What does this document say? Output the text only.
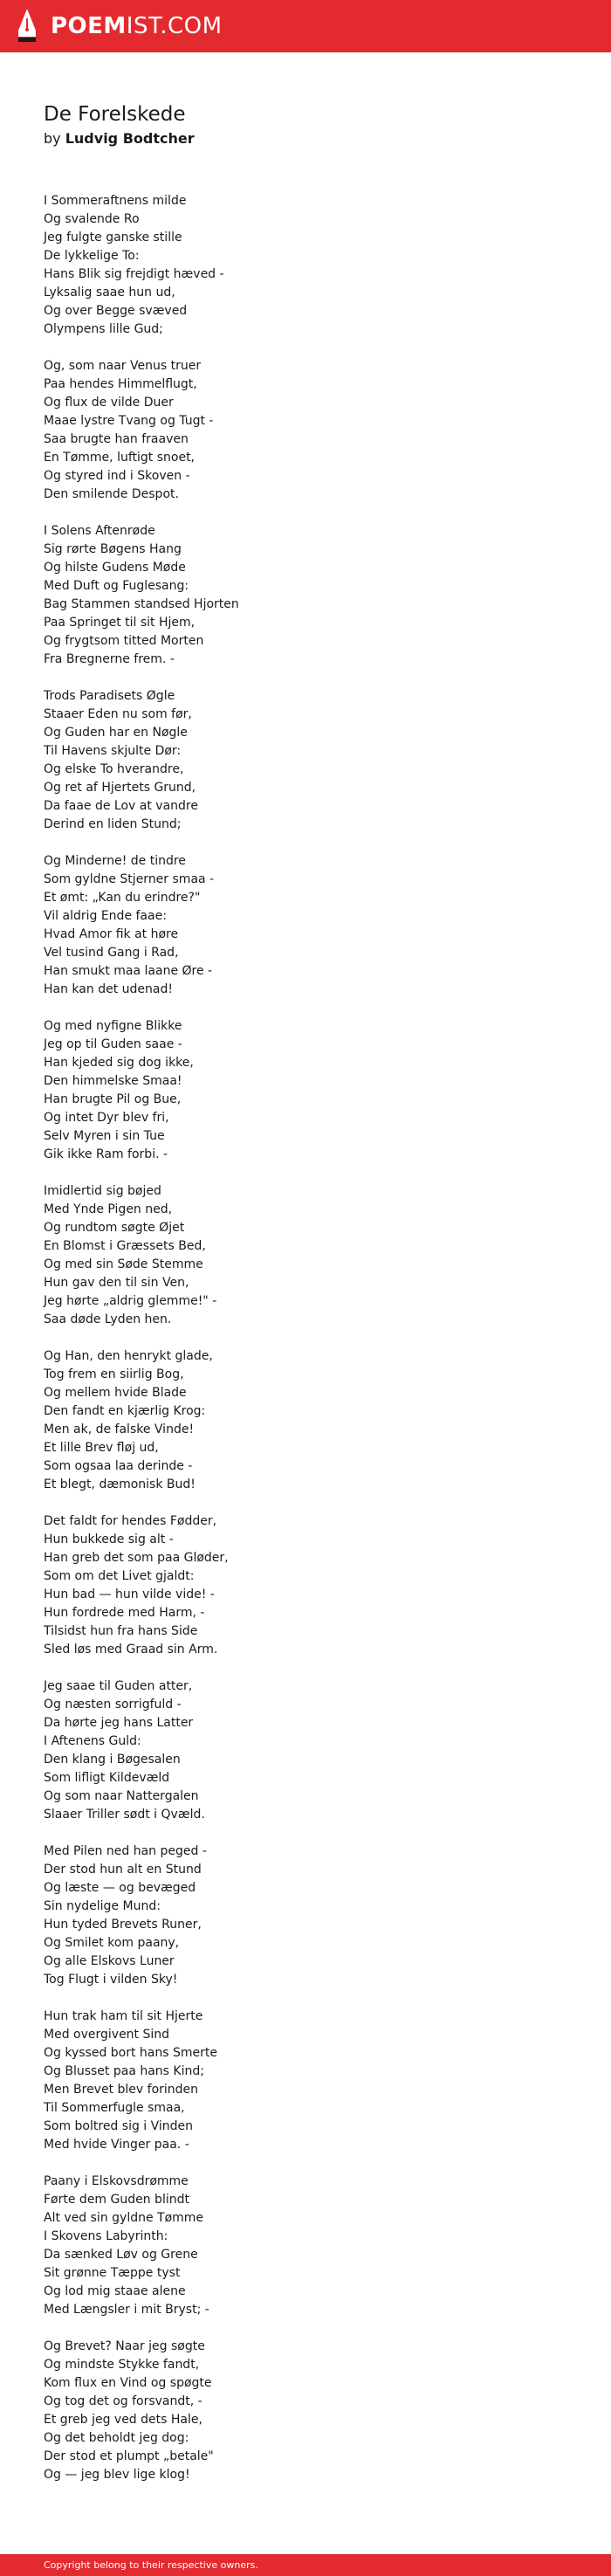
POEMIST.COM
De Forelskede
by Ludvig Bodtcher
I Sommeraftnens milde
Og svalende Ro
Jeg fulgte ganske stille
De lykkelige To:
Hans Blik sig frejdigt hæved -
Lyksalig saae hun ud,
Og over Begge svæved
Olympens lille Gud;
Og, som naar Venus truer
Paa hendes Himmelflugt,
Og flux de vilde Duer
Maae lystre Tvang og Tugt -
Saa brugte han fraaven
En Tømme, luftigt snoet,
Og styred ind i Skoven -
Den smilende Despot.
I Solens Aftenrøde
Sig rørte Bøgens Hang
Og hilste Gudens Møde
Med Duft og Fuglesang:
Bag Stammen standsed Hjorten
Paa Springet til sit Hjem,
Og frygtsom titted Morten
Fra Bregnerne frem. -
Trods Paradisets Øgle
Staaer Eden nu som før,
Og Guden har en Nøgle
Til Havens skjulte Dør:
Og elske To hverandre,
Og ret af Hjertets Grund,
Da faae de Lov at vandre
Derind en liden Stund;
Og Minderne! de tindre
Som gyldne Stjerner smaa -
Et ømt: „Kan du erindre?"
Vil aldrig Ende faae:
Hvad Amor fik at høre
Vel tusind Gang i Rad,
Han smukt maa laane Øre -
Han kan det udenad!
Og med nyfigne Blikke
Jeg op til Guden saae -
Han kjeded sig dog ikke,
Den himmelske Smaa!
Han brugte Pil og Bue,
Og intet Dyr blev fri,
Selv Myren i sin Tue
Gik ikke Ram forbi. -
Imidlertid sig bøjed
Med Ynde Pigen ned,
Og rundtom søgte Øjet
En Blomst i Græssets Bed,
Og med sin Søde Stemme
Hun gav den til sin Ven,
Jeg hørte „aldrig glemme!" -
Saa døde Lyden hen.
Og Han, den henrykt glade,
Tog frem en siirlig Bog,
Og mellem hvide Blade
Den fandt en kjærlig Krog:
Men ak, de falske Vinde!
Et lille Brev fløj ud,
Som ogsaa laa derinde -
Et blegt, dæmonisk Bud!
Det faldt for hendes Fødder,
Hun bukkede sig alt -
Han greb det som paa Gløder,
Som om det Livet gjaldt:
Hun bad — hun vilde vide! -
Hun fordrede med Harm, -
Tilsidst hun fra hans Side
Sled løs med Graad sin Arm.
Jeg saae til Guden atter,
Og næsten sorrigfuld -
Da hørte jeg hans Latter
I Aftenens Guld:
Den klang i Bøgesalen
Som lifligt Kildevæld
Og som naar Nattergalen
Slaaer Triller sødt i Qvæld.
Med Pilen ned han peged -
Der stod hun alt en Stund
Og læste — og bevæged
Sin nydelige Mund:
Hun tyded Brevets Runer,
Og Smilet kom paany,
Og alle Elskovs Luner
Tog Flugt i vilden Sky!
Hun trak ham til sit Hjerte
Med overgivent Sind
Og kyssed bort hans Smerte
Og Blusset paa hans Kind;
Men Brevet blev forinden
Til Sommerfugle smaa,
Som boltred sig i Vinden
Med hvide Vinger paa. -
Paany i Elskovsdrømme
Førte dem Guden blindt
Alt ved sin gyldne Tømme
I Skovens Labyrinth:
Da sænked Løv og Grene
Sit grønne Tæppe tyst
Og lod mig staae alene
Med Længsler i mit Bryst; -
Og Brevet? Naar jeg søgte
Og mindste Stykke fandt,
Kom flux en Vind og spøgte
Og tog det og forsvandt, -
Et greb jeg ved dets Hale,
Og det beholdt jeg dog:
Der stod et plumpt „betale"
Og — jeg blev lige klog!
Copyright belong to their respective owners.
